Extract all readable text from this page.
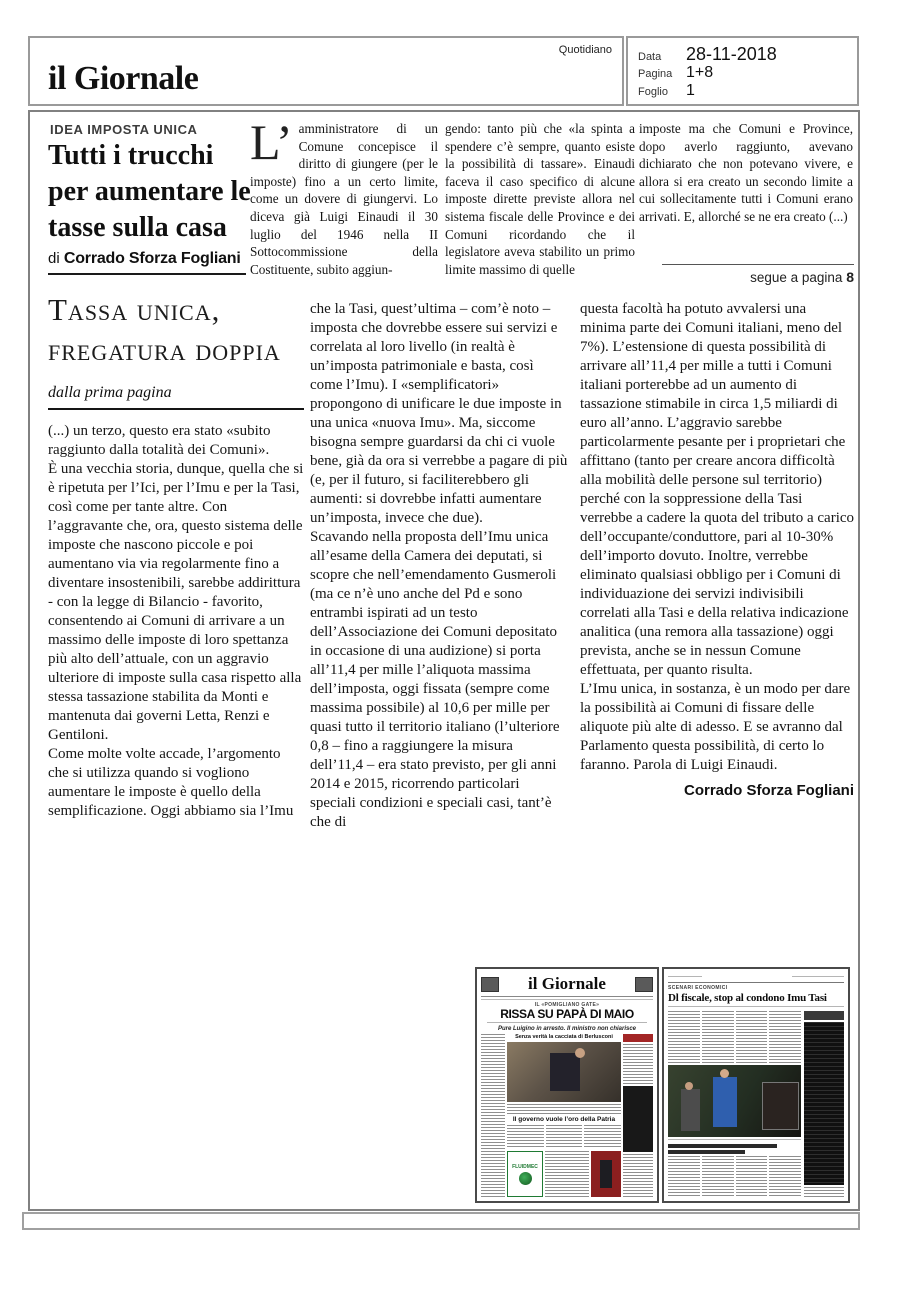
il Giornale
Quotidiano
Data	28-11-2018
Pagina 1+8
Foglio	1
IDEA IMPOSTA UNICA
Tutti i trucchi per aumentare le tasse sulla casa
di Corrado Sforza Fogliani

L’ amministratore di un Comune concepisce il diritto di giungere (per le imposte) fino a un certo limite, come un dovere di giungervi. Lo diceva già Luigi Einaudi il 30 luglio del 1946 nella II Sottocommissione della Costituente, subito aggiun-

gendo: tanto più che «la spinta a spendere c’è sempre, quanto esiste la possibilità di tassare». Einaudi faceva il caso specifico di alcune imposte dirette previste allora nel sistema fiscale delle Province e dei Comuni ricordando che il legislatore aveva stabilito un primo limite massimo di quelle

imposte ma che Comuni e Province, dopo averlo raggiunto, avevano dichiarato che non potevano vivere, e allora si era creato un secondo limite a cui sollecitamente tutti i Comuni erano arrivati. E, allorché se ne era creato (...)

segue a pagina 8
Tassa unica, fregatura doppia
dalla prima pagina

(...) un terzo, questo era stato «subito raggiunto dalla totalità dei Comuni».

È una vecchia storia, dunque, quella che si è ripetuta per l’Ici, per l’Imu e per la Tasi, così come per tante altre. Con l’aggravante che, ora, questo sistema delle imposte che nascono piccole e poi aumentano via via regolarmente fino a diventare insostenibili, sarebbe addirittura - con la legge di Bilancio - favorito, consentendo ai Comuni di arrivare a un massimo delle imposte di loro spettanza più alto dell’attuale, con un aggravio ulteriore di imposte sulla casa rispetto alla stessa tassazione stabilita da Monti e mantenuta dai governi Letta, Renzi e Gentiloni.

Come molte volte accade, l’argomento che si utilizza quando si vogliono aumentare le imposte è quello della semplificazione. Oggi abbiamo sia l’Imu

che la Tasi, quest’ultima – com’è noto – imposta che dovrebbe essere sui servizi e correlata al loro livello (in realtà è un’imposta patrimoniale e basta, così come l’Imu). I «semplificatori» propongono di unificare le due imposte in una unica «nuova Imu». Ma, siccome bisogna sempre guardarsi da chi ci vuole bene, già da ora si verrebbe a pagare di più (e, per il futuro, si faciliterebbero gli aumenti: si dovrebbe infatti aumentare un’imposta, invece che due).

Scavando nella proposta dell’Imu unica all’esame della Camera dei deputati, si scopre che nell’emendamento Gusmeroli (ma ce n’è uno anche del Pd e sono entrambi ispirati ad un testo dell’Associazione dei Comuni depositato in occasione di una audizione) si porta all’11,4 per mille l’aliquota massima dell’imposta, oggi fissata (sempre come massima possibile) al 10,6 per mille per quasi tutto il territorio italiano (l’ulteriore 0,8 – fino a raggiungere la misura dell’11,4 – era stato previsto, per gli anni 2014 e 2015, ricorrendo particolari speciali condizioni e speciali casi, tant’è che di

questa facoltà ha potuto avvalersi una minima parte dei Comuni italiani, meno del 7%). L’estensione di questa possibilità di arrivare all’11,4 per mille a tutti i Comuni italiani porterebbe ad un aumento di tassazione stimabile in circa 1,5 miliardi di euro all’anno. L’aggravio sarebbe particolarmente pesante per i proprietari che affittano (tanto per creare ancora difficoltà alla mobilità delle persone sul territorio) perché con la soppressione della Tasi verrebbe a cadere la quota del tributo a carico dell’occupante/conduttore, pari al 10-30% dell’importo dovuto. Inoltre, verrebbe eliminato qualsiasi obbligo per i Comuni di individuazione dei servizi indivisibili correlati alla Tasi e della relativa indicazione analitica (una remora alla tassazione) oggi prevista, anche se in nessun Comune effettuata, per quanto risulta.

L’Imu unica, in sostanza, è un modo per dare la possibilità ai Comuni di fissare delle aliquote più alte di adesso. E se avranno dal Parlamento questa possibilità, di certo lo faranno. Parola di Luigi Einaudi.

Corrado Sforza Fogliani
il Giornale
IL «POMIGLIANO GATE»
RISSA SU PAPÀ DI MAIO
Pure Luigino in arresto. Il ministro non chiarisce
Senza verità la cacciata di Berlusconi
Il governo vuole l’oro della Patria
FLUIDMEC
SCENARI ECONOMICI
Dl fiscale, stop al condono Imu Tasi
